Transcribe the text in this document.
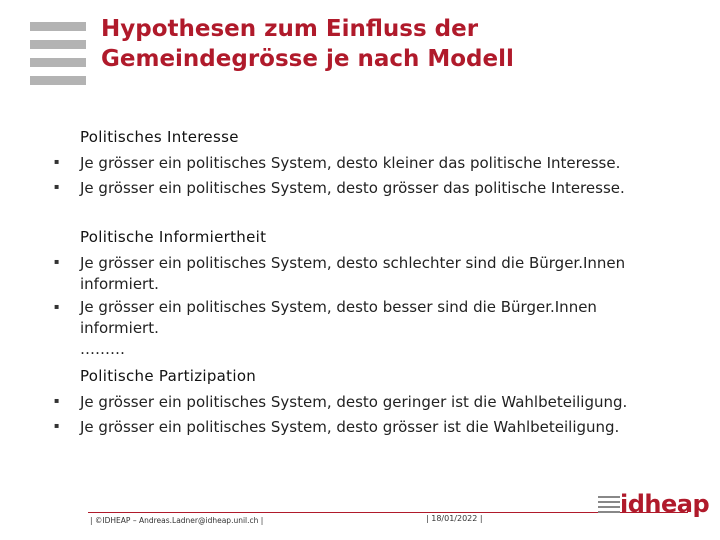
Hypothesen zum Einfluss der
Gemeindegrösse je nach Modell
Politisches Interesse
▪ Je grösser ein politisches System, desto kleiner das politische Interesse.
▪ Je grösser ein politisches System, desto grösser das politische Interesse.
Politische Informiertheit
▪ Je grösser ein politisches System, desto schlechter sind die Bürger.Innen
informiert.
▪ Je grösser ein politisches System, desto besser sind die Bürger.Innen
informiert.
………
Politische Partizipation
▪ Je grösser ein politisches System, desto geringer ist die Wahlbeteiligung.
▪ Je grösser ein politisches System, desto grösser ist die Wahlbeteiligung.
| ©IDHEAP – Andreas.Ladner@idheap.unil.ch |	| 18/01/2022 |
idheap
